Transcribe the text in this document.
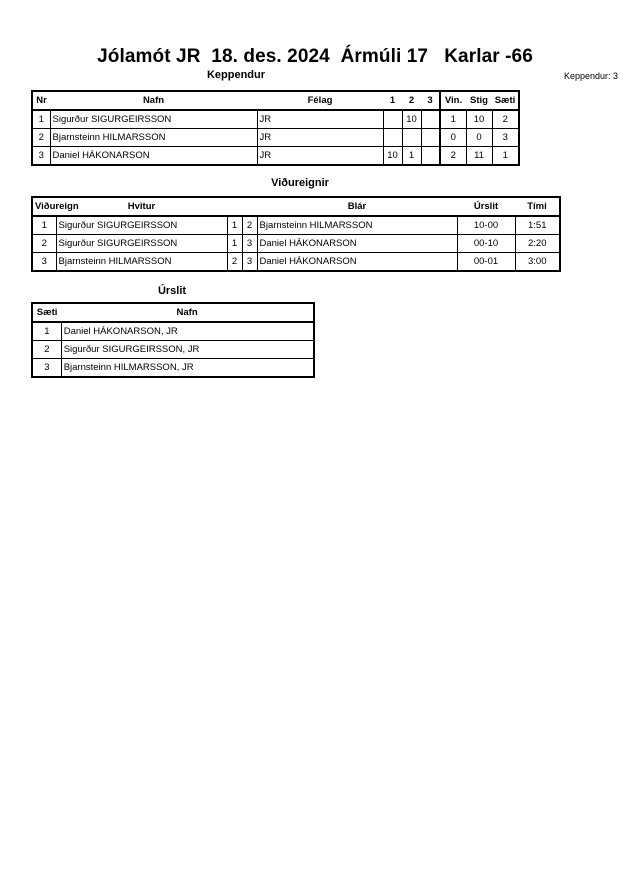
Jólamót JR  18. des. 2024  Ármúli 17   Karlar -66
Keppendur	Keppendur: 3
Nr	Nafn	Félag	1	2	3	Vin.	Stig	Sæti
1	Sigurður SIGURGEIRSSON	JR		10		1	10	2
2	Bjarnsteinn HILMARSSON	JR				0	0	3
3	Daniel HÁKONARSON	JR	10	1		2	11	1
Viðureignir
Viðureign	Hvitur			Blár	Úrslit	Tími
1	Sigurður SIGURGEIRSSON	1	2	Bjarnsteinn HILMARSSON	10-00	1:51
2	Sigurður SIGURGEIRSSON	1	3	Daniel HÁKONARSON	00-10	2:20
3	Bjarnsteinn HILMARSSON	2	3	Daniel HÁKONARSON	00-01	3:00
Úrslit
Sæti	Nafn
1	Daniel HÁKONARSON, JR
2	Sigurður SIGURGEIRSSON, JR
3	Bjarnsteinn HILMARSSON, JR
